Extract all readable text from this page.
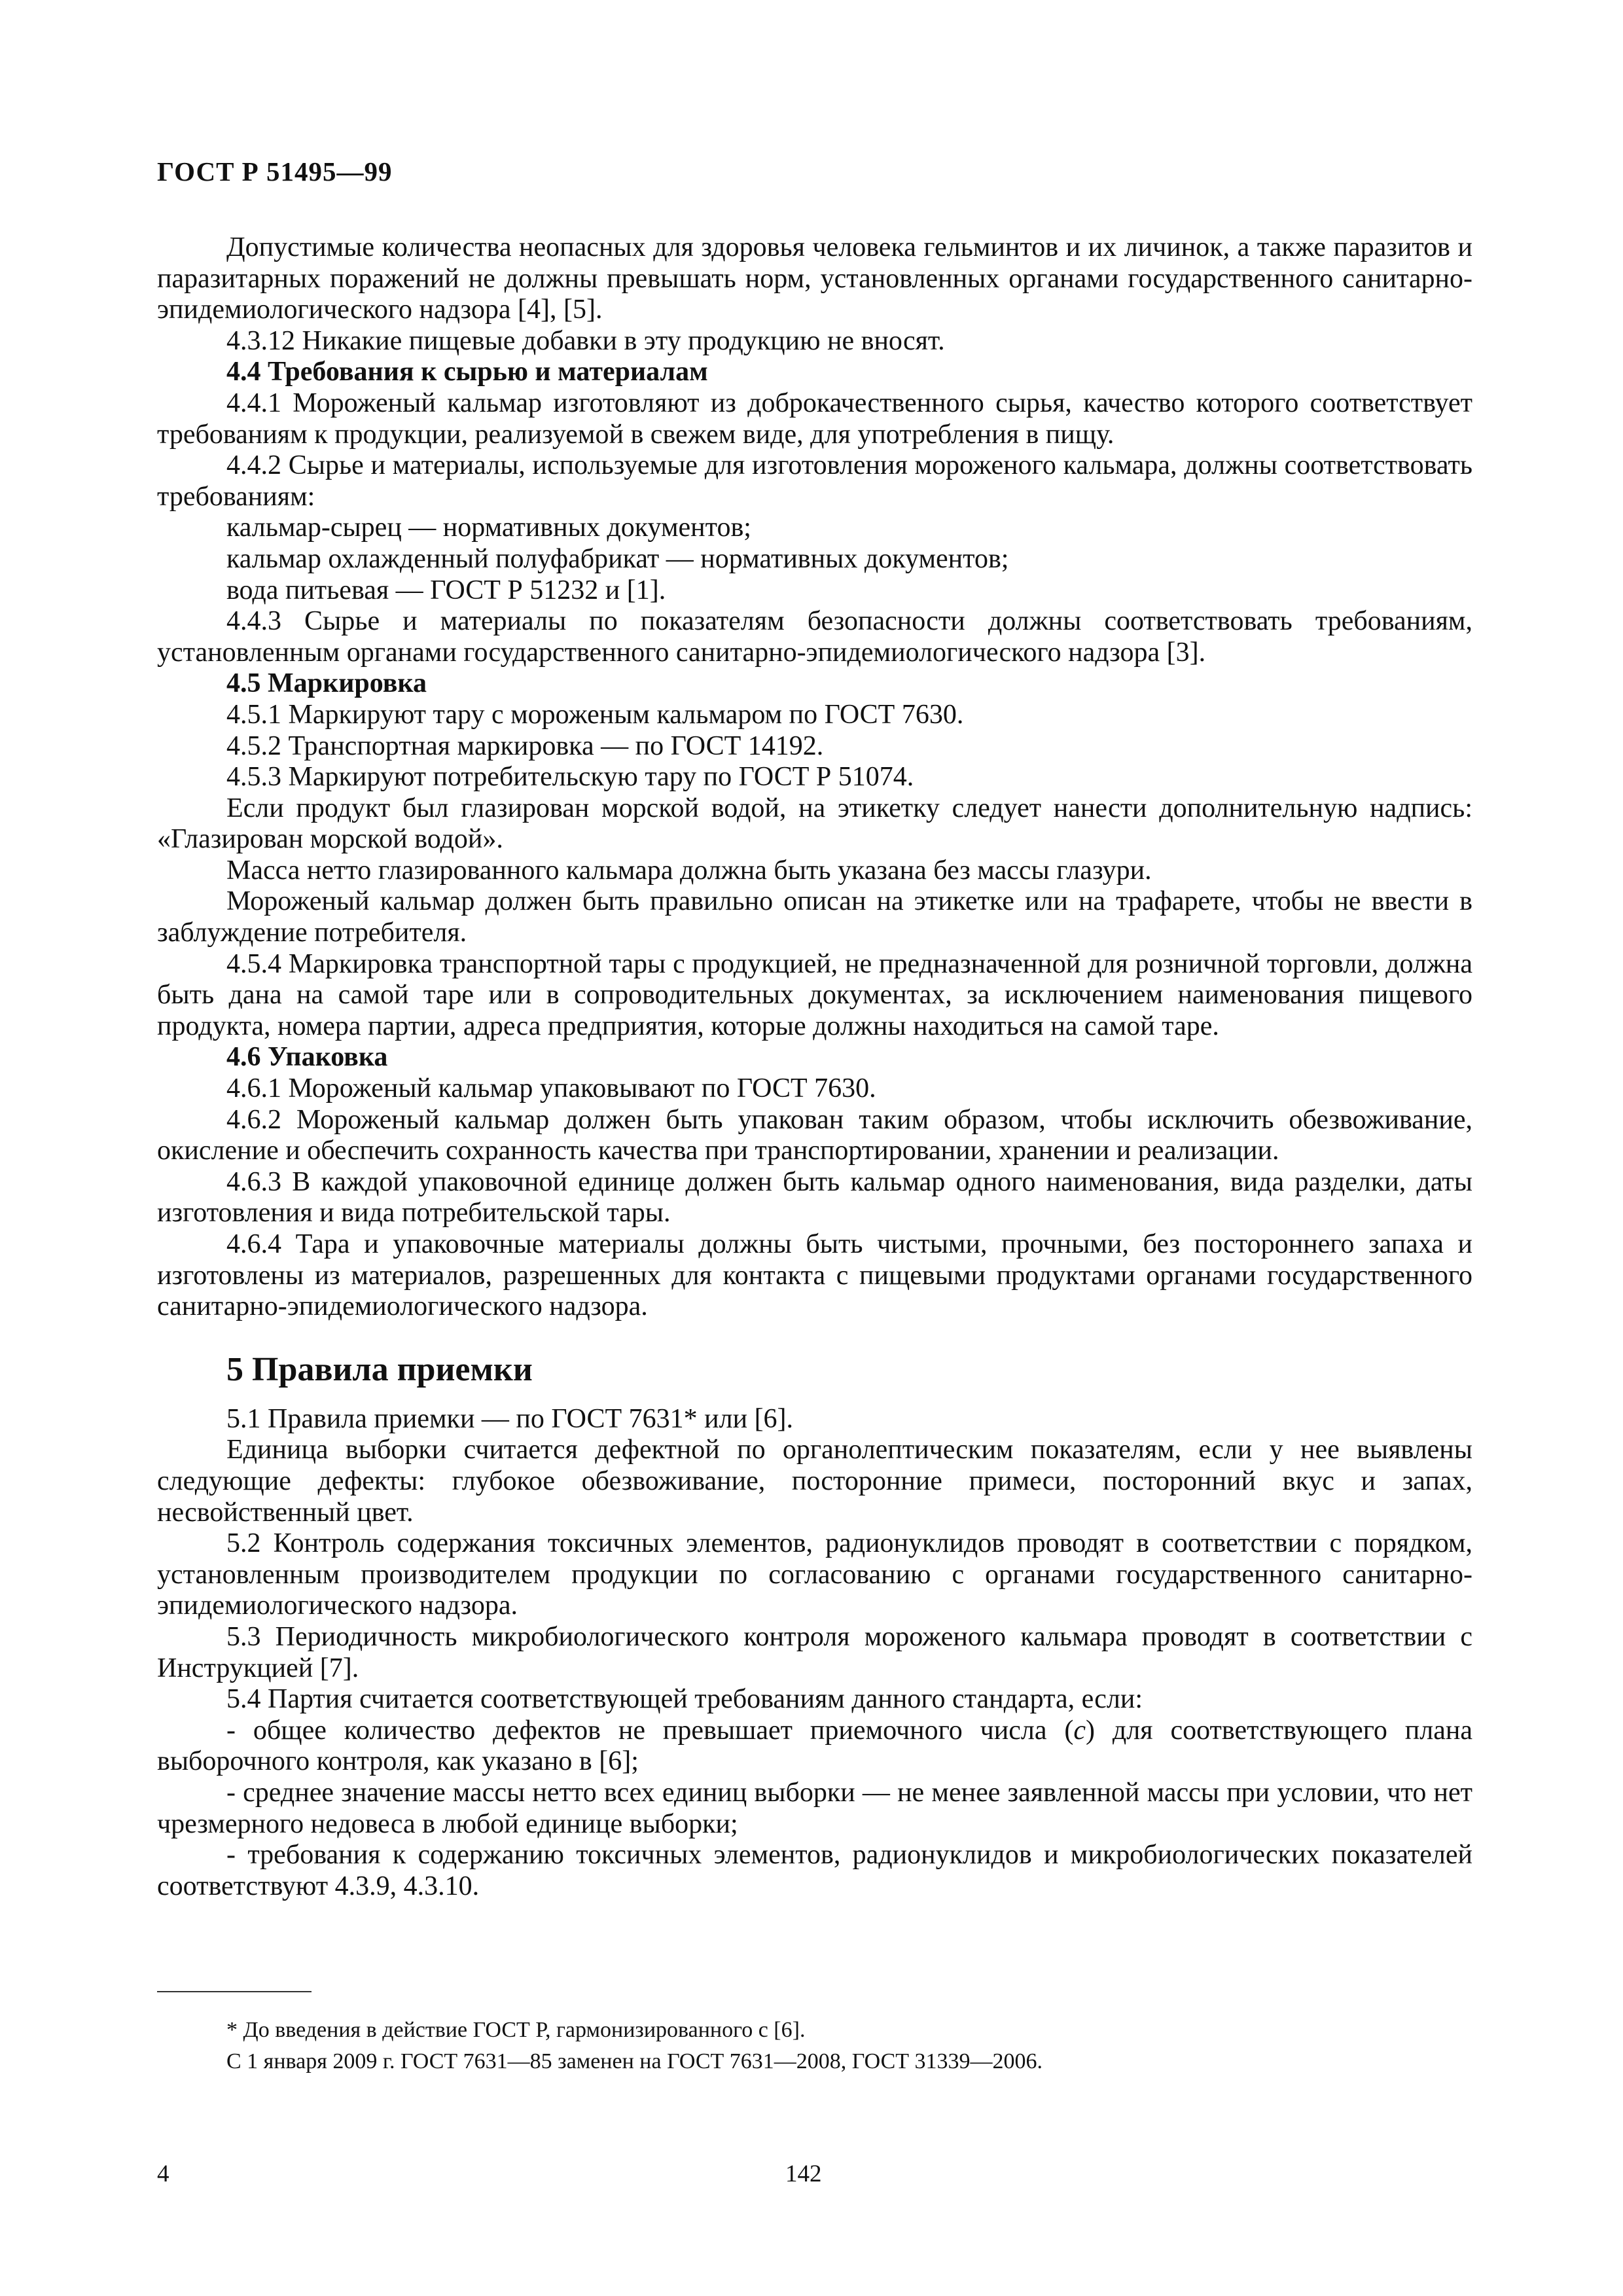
ГОСТ Р 51495—99

Допустимые количества неопасных для здоровья человека гельминтов и их личинок, а также паразитов и паразитарных поражений не должны превышать норм, установленных органами государственного санитарно-эпидемиологического надзора [4], [5].

4.3.12 Никакие пищевые добавки в эту продукцию не вносят.

4.4 Требования к сырью и материалам

4.4.1 Мороженый кальмар изготовляют из доброкачественного сырья, качество которого соответствует требованиям к продукции, реализуемой в свежем виде, для употребления в пищу.

4.4.2 Сырье и материалы, используемые для изготовления мороженого кальмара, должны соответствовать требованиям:

кальмар-сырец — нормативных документов;

кальмар охлажденный полуфабрикат — нормативных документов;

вода питьевая — ГОСТ Р 51232 и [1].

4.4.3 Сырье и материалы по показателям безопасности должны соответствовать требованиям, установленным органами государственного санитарно-эпидемиологического надзора [3].

4.5 Маркировка

4.5.1 Маркируют тару с мороженым кальмаром по ГОСТ 7630.

4.5.2 Транспортная маркировка — по ГОСТ 14192.

4.5.3 Маркируют потребительскую тару по ГОСТ Р 51074.

Если продукт был глазирован морской водой, на этикетку следует нанести дополнительную надпись: «Глазирован морской водой».

Масса нетто глазированного кальмара должна быть указана без массы глазури.

Мороженый кальмар должен быть правильно описан на этикетке или на трафарете, чтобы не ввести в заблуждение потребителя.

4.5.4 Маркировка транспортной тары с продукцией, не предназначенной для розничной торговли, должна быть дана на самой таре или в сопроводительных документах, за исключением наименования пищевого продукта, номера партии, адреса предприятия, которые должны находиться на самой таре.

4.6 Упаковка

4.6.1 Мороженый кальмар упаковывают по ГОСТ 7630.

4.6.2 Мороженый кальмар должен быть упакован таким образом, чтобы исключить обезвоживание, окисление и обеспечить сохранность качества при транспортировании, хранении и реализации.

4.6.3 В каждой упаковочной единице должен быть кальмар одного наименования, вида разделки, даты изготовления и вида потребительской тары.

4.6.4 Тара и упаковочные материалы должны быть чистыми, прочными, без постороннего запаха и изготовлены из материалов, разрешенных для контакта с пищевыми продуктами органами государственного санитарно-эпидемиологического надзора.

5 Правила приемки

5.1 Правила приемки — по ГОСТ 7631* или [6].

Единица выборки считается дефектной по органолептическим показателям, если у нее выявлены следующие дефекты: глубокое обезвоживание, посторонние примеси, посторонний вкус и запах, несвойственный цвет.

5.2 Контроль содержания токсичных элементов, радионуклидов проводят в соответствии с порядком, установленным производителем продукции по согласованию с органами государственного санитарно-эпидемиологического надзора.

5.3 Периодичность микробиологического контроля мороженого кальмара проводят в соответствии с Инструкцией [7].

5.4 Партия считается соответствующей требованиям данного стандарта, если:

- общее количество дефектов не превышает приемочного числа (с) для соответствующего плана выборочного контроля, как указано в [6];

- среднее значение массы нетто всех единиц выборки — не менее заявленной массы при условии, что нет чрезмерного недовеса в любой единице выборки;

- требования к содержанию токсичных элементов, радионуклидов и микробиологических показателей соответствуют 4.3.9, 4.3.10.

* До введения в действие ГОСТ Р, гармонизированного с [6].

С 1 января 2009 г. ГОСТ 7631—85 заменен на ГОСТ 7631—2008, ГОСТ 31339—2006.

4	142
